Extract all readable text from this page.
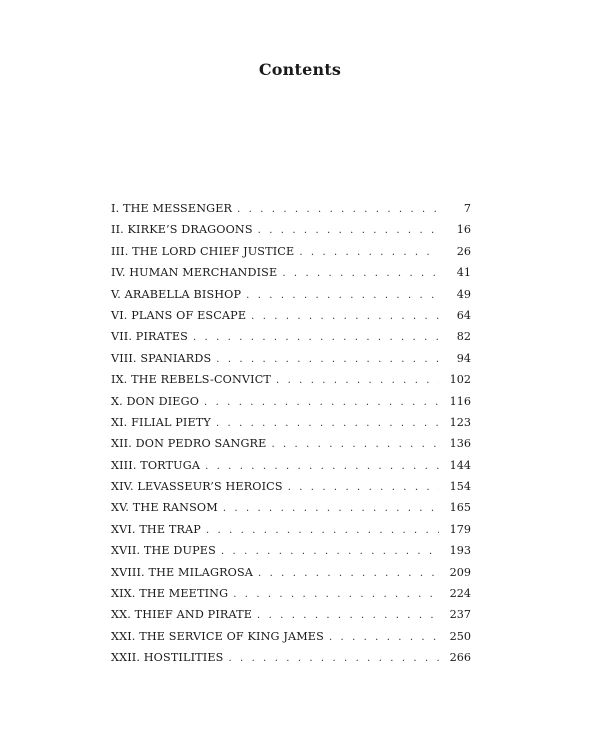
Contents
I. THE MESSENGER . . .	7
II. KIRKE’S DRAGOONS . . .	16
III. THE LORD CHIEF JUSTICE . . .	26
IV. HUMAN MERCHANDISE . . .	41
V. ARABELLA BISHOP . . .	49
VI. PLANS OF ESCAPE . . .	64
VII. PIRATES . . .	82
VIII. SPANIARDS . . .	94
IX. THE REBELS-CONVICT . . .	102
X. DON DIEGO . . .	116
XI. FILIAL PIETY . . .	123
XII. DON PEDRO SANGRE . . .	136
XIII. TORTUGA . . .	144
XIV. LEVASSEUR’S HEROICS . . .	154
XV. THE RANSOM . . .	165
XVI. THE TRAP . . .	179
XVII. THE DUPES . . .	193
XVIII. THE MILAGROSA . . .	209
XIX. THE MEETING . . .	224
XX. THIEF AND PIRATE . . .	237
XXI. THE SERVICE OF KING JAMES . . .	250
XXII. HOSTILITIES . . .	266
